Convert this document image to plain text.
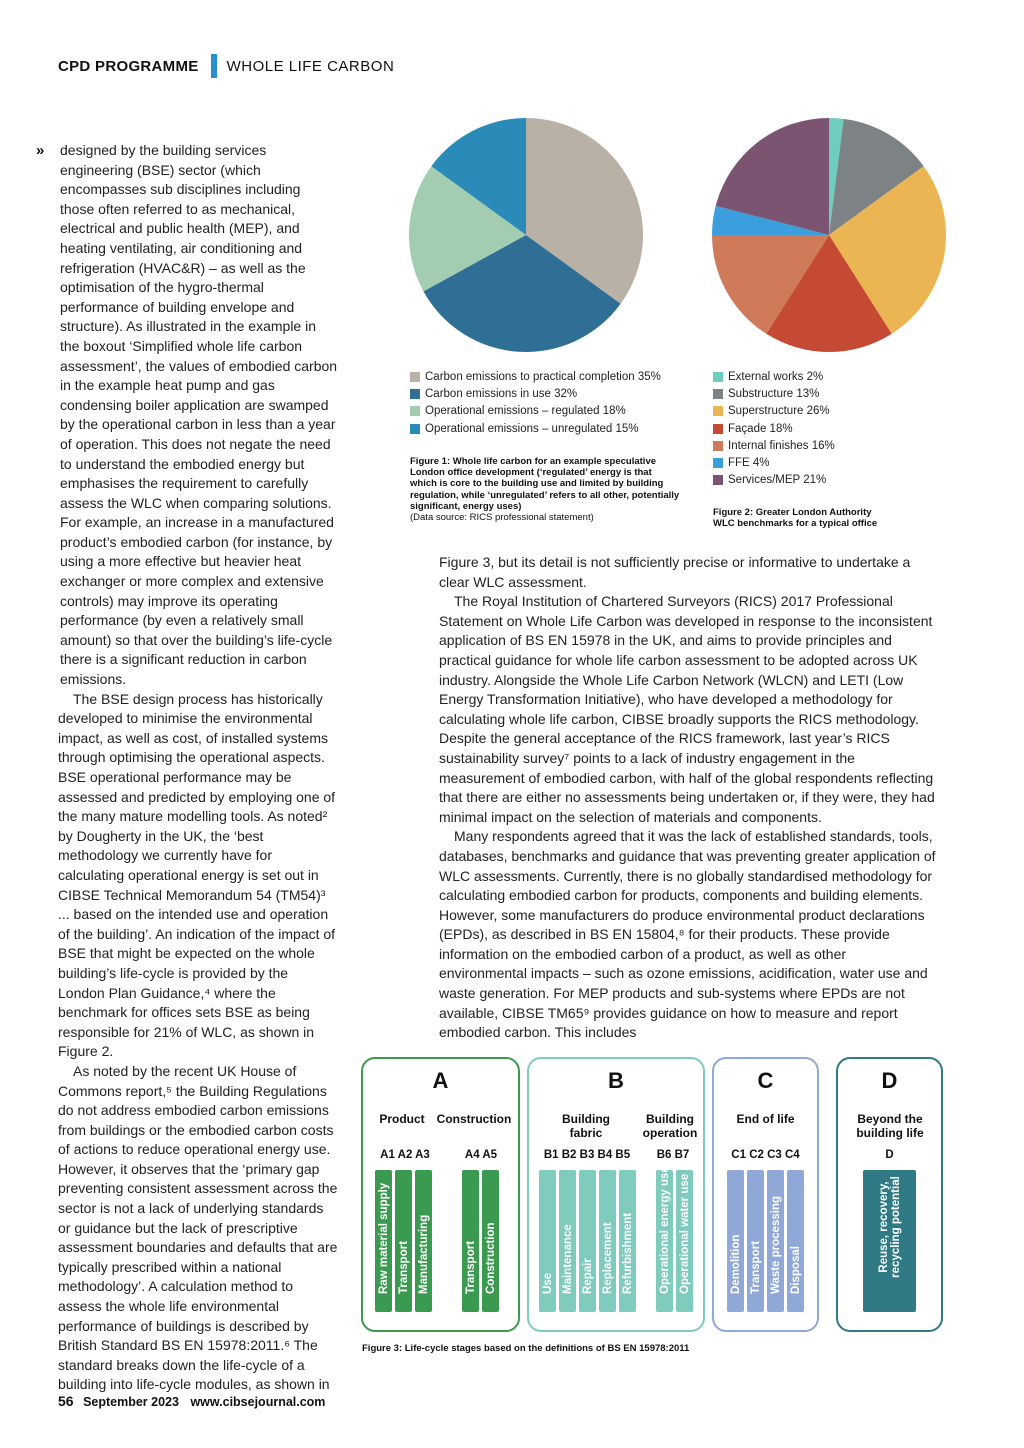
CPD PROGRAMME WHOLE LIFE CARBON
» designed by the building services engineering (BSE) sector (which encompasses sub disciplines including those often referred to as mechanical, electrical and public health (MEP), and heating ventilating, air conditioning and refrigeration (HVAC&R) – as well as the optimisation of the hygro-thermal performance of building envelope and structure). As illustrated in the example in the boxout ‘Simplified whole life carbon assessment’, the values of embodied carbon in the example heat pump and gas condensing boiler application are swamped by the operational carbon in less than a year of operation. This does not negate the need to understand the embodied energy but emphasises the requirement to carefully assess the WLC when comparing solutions. For example, an increase in a manufactured product’s embodied carbon (for instance, by using a more effective but heavier heat exchanger or more complex and extensive controls) may improve its operating performance (by even a relatively small amount) so that over the building’s life-cycle there is a significant reduction in carbon emissions.

The BSE design process has historically developed to minimise the environmental impact, as well as cost, of installed systems through optimising the operational aspects. BSE operational performance may be assessed and predicted by employing one of the many mature modelling tools. As noted² by Dougherty in the UK, the ‘best methodology we currently have for calculating operational energy is set out in CIBSE Technical Memorandum 54 (TM54)³ ... based on the intended use and operation of the building’. An indication of the impact of BSE that might be expected on the whole building’s life-cycle is provided by the London Plan Guidance,⁴ where the benchmark for offices sets BSE as being responsible for 21% of WLC, as shown in Figure 2.

As noted by the recent UK House of Commons report,⁵ the Building Regulations do not address embodied carbon emissions from buildings or the embodied carbon costs of actions to reduce operational energy use. However, it observes that the ‘primary gap preventing consistent assessment across the sector is not a lack of underlying standards or guidance but the lack of prescriptive assessment boundaries and defaults that are typically prescribed within a national methodology’. A calculation method to assess the whole life environmental performance of buildings is described by British Standard BS EN 15978:2011.⁶ The standard breaks down the life-cycle of a building into life-cycle modules, as shown in

Carbon emissions to practical completion 35%
Carbon emissions in use 32%
Operational emissions – regulated 18%
Operational emissions – unregulated 15%
Figure 1: Whole life carbon for an example speculative London office development (‘regulated’ energy is that which is core to the building use and limited by building regulation, while ‘unregulated’ refers to all other, potentially significant, energy uses)
(Data source: RICS professional statement)
External works 2%
Substructure 13%
Superstructure 26%
Façade 18%
Internal finishes 16%
FFE 4%
Services/MEP 21%
Figure 2: Greater London Authority
WLC benchmarks for a typical office

Figure 3, but its detail is not sufficiently precise or informative to undertake a clear WLC assessment.

The Royal Institution of Chartered Surveyors (RICS) 2017 Professional Statement on Whole Life Carbon was developed in response to the inconsistent application of BS EN 15978 in the UK, and aims to provide principles and practical guidance for whole life carbon assessment to be adopted across UK industry. Alongside the Whole Life Carbon Network (WLCN) and LETI (Low Energy Transformation Initiative), who have developed a methodology for calculating whole life carbon, CIBSE broadly supports the RICS methodology. Despite the general acceptance of the RICS framework, last year’s RICS sustainability survey⁷ points to a lack of industry engagement in the measurement of embodied carbon, with half of the global respondents reflecting that there are either no assessments being undertaken or, if they were, they had minimal impact on the selection of materials and components.

Many respondents agreed that it was the lack of established standards, tools, databases, benchmarks and guidance that was preventing greater application of WLC assessments. Currently, there is no globally standardised methodology for calculating embodied carbon for products, components and building elements. However, some manufacturers do produce environmental product declarations (EPDs), as described in BS EN 15804,⁸ for their products. These provide information on the embodied carbon of a product, as well as other environmental impacts – such as ozone emissions, acidification, water use and waste generation. For MEP products and sub-systems where EPDs are not available, CIBSE TM65⁹ provides guidance on how to measure and report embodied carbon. This includes

A
Product Construction
A1 A2 A3	A4 A5
Raw material supply Transport Manufacturing	Transport Construction
B
Building fabric
Building operation
B1 B2 B3 B4 B5	B6 B7
Use Maintenance Repair Replacement Refurbishment Operational energy use Operational water use
C
End of life
C1 C2 C3 C4
Demolition Transport Waste processing Disposal
D
Beyond the building life
D
Reuse, recovery, recycling potential
Figure 3: Life-cycle stages based on the definitions of BS EN 15978:2011
56 September 2023 www.cibsejournal.com
